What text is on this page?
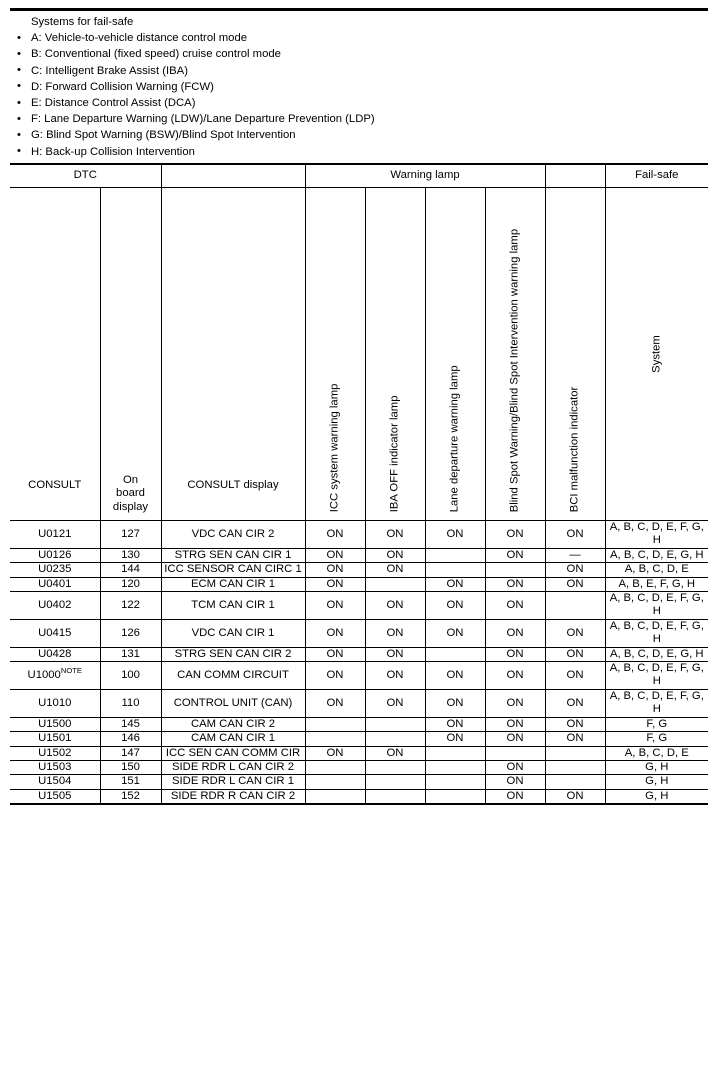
Systems for fail-safe
• A: Vehicle-to-vehicle distance control mode
• B: Conventional (fixed speed) cruise control mode
• C: Intelligent Brake Assist (IBA)
• D: Forward Collision Warning (FCW)
• E: Distance Control Assist (DCA)
• F: Lane Departure Warning (LDW)/Lane Departure Prevention (LDP)
• G: Blind Spot Warning (BSW)/Blind Spot Intervention
• H: Back-up Collision Intervention
DTC			Warning lamp					Fail-safe

CONSULT	On
board
display	CONSULT display	ICC system warning lamp	IBA OFF indicator lamp	Lane departure warning lamp	Blind Spot Warning/Blind Spot Intervention warning lamp	BCI malfunction indicator	System

U0121	127	VDC CAN CIR 2	ON	ON	ON	ON	ON	A, B, C, D, E, F, G, H
U0126	130	STRG SEN CAN CIR 1	ON	ON		ON	—	A, B, C, D, E, G, H
U0235	144	ICC SENSOR CAN CIRC 1	ON	ON			ON	A, B, C, D, E
U0401	120	ECM CAN CIR 1	ON		ON	ON	ON	A, B, E, F, G, H
U0402	122	TCM CAN CIR 1	ON	ON	ON	ON		A, B, C, D, E, F, G, H
U0415	126	VDC CAN CIR 1	ON	ON	ON	ON	ON	A, B, C, D, E, F, G, H
U0428	131	STRG SEN CAN CIR 2	ON	ON		ON	ON	A, B, C, D, E, G, H
$U1000^{NOTE}$	100	CAN COMM CIRCUIT	ON	ON	ON	ON	ON	A, B, C, D, E, F, G, H
U1010	110	CONTROL UNIT (CAN)	ON	ON	ON	ON	ON	A, B, C, D, E, F, G, H
U1500	145	CAM CAN CIR 2			ON	ON	ON	F, G
U1501	146	CAM CAN CIR 1			ON	ON	ON	F, G
U1502	147	ICC SEN CAN COMM CIR	ON	ON				A, B, C, D, E
U1503	150	SIDE RDR L CAN CIR 2				ON		G, H
U1504	151	SIDE RDR L CAN CIR 1				ON		G, H
U1505	152	SIDE RDR R CAN CIR 2				ON	ON	G, H
